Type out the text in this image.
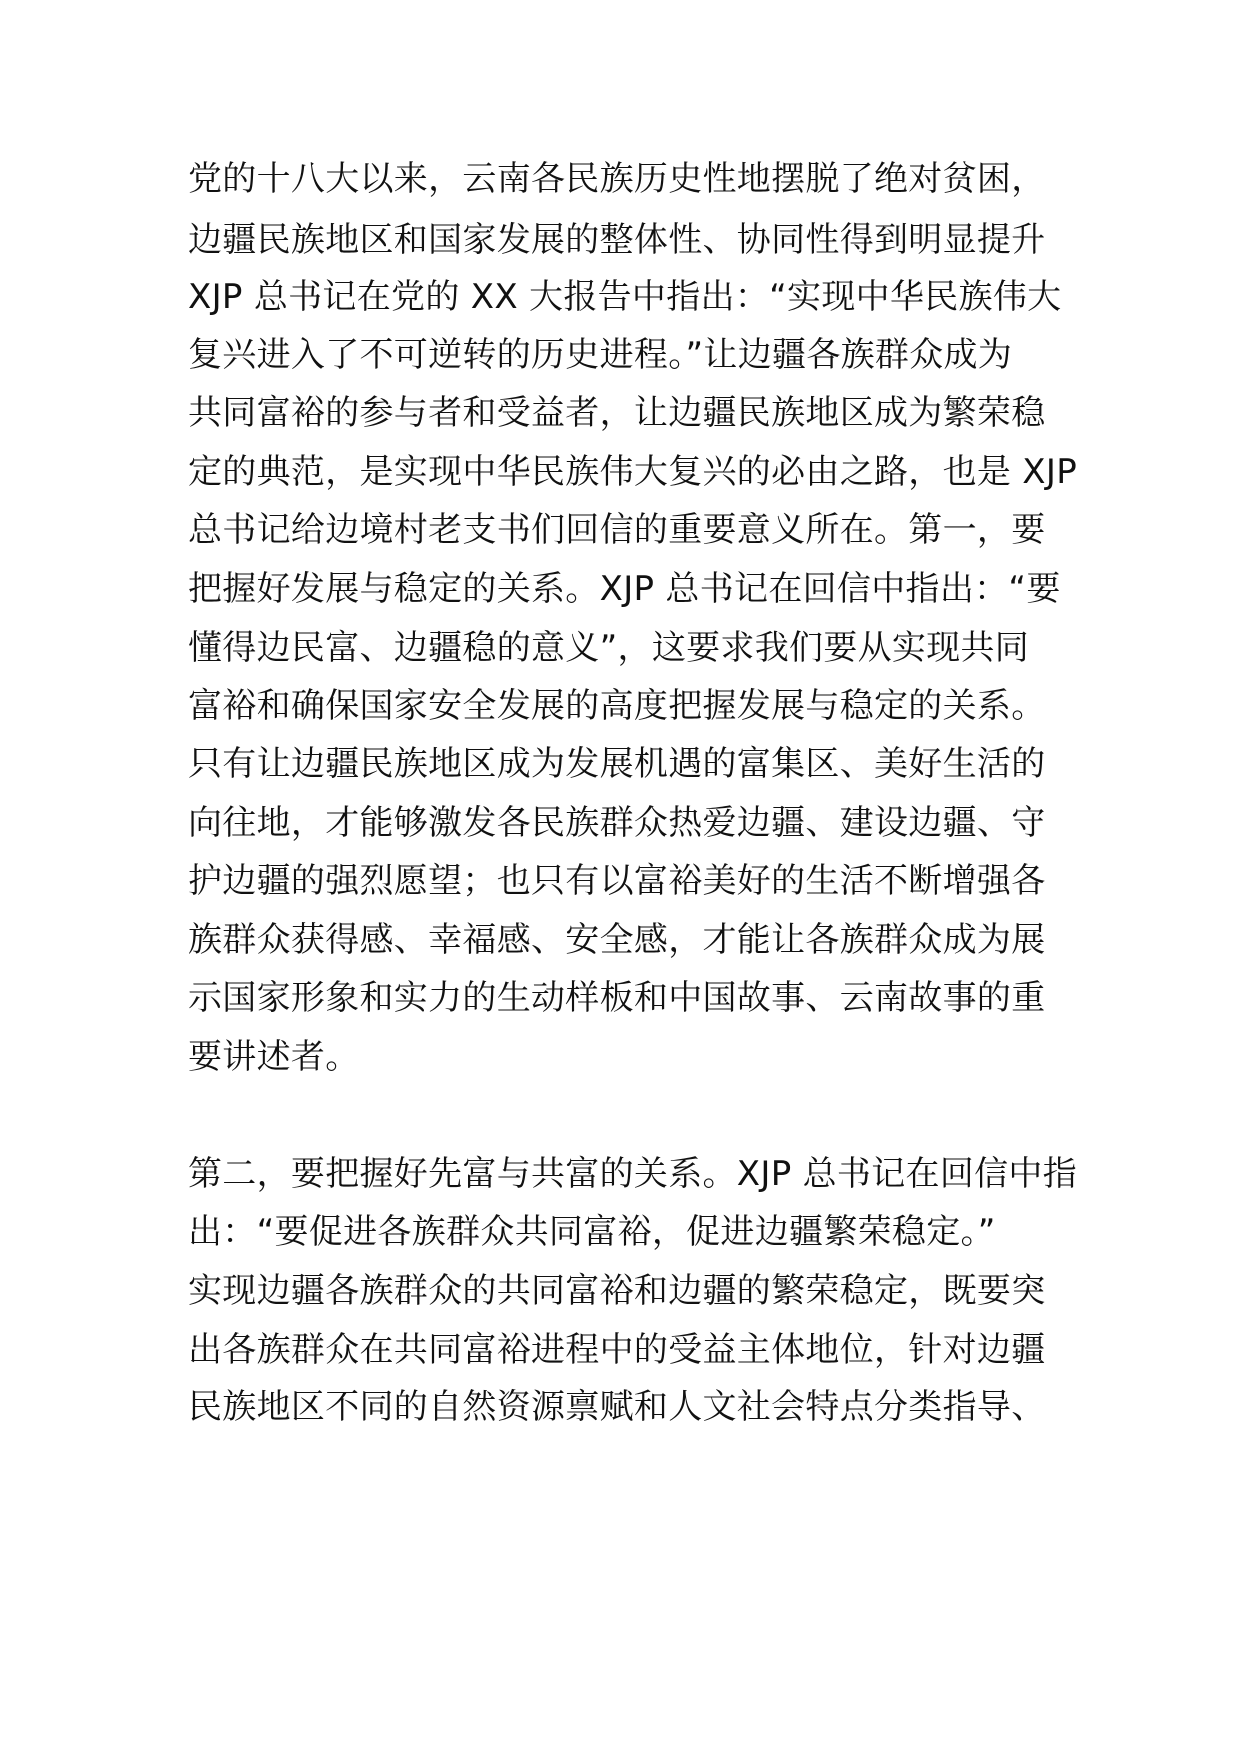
党的十八大以来，云南各民族历史性地摆脱了绝对贫困，
边疆民族地区和国家发展的整体性、协同性得到明显提升
XJP 总书记在党的 XX 大报告中指出：“实现中华民族伟大
复兴进入了不可逆转的历史进程。”让边疆各族群众成为
共同富裕的参与者和受益者，让边疆民族地区成为繁荣稳
定的典范，是实现中华民族伟大复兴的必由之路，也是 XJP
总书记给边境村老支书们回信的重要意义所在。第一，要
把握好发展与稳定的关系。XJP 总书记在回信中指出：“要
懂得边民富、边疆稳的意义”，这要求我们要从实现共同
富裕和确保国家安全发展的高度把握发展与稳定的关系。
只有让边疆民族地区成为发展机遇的富集区、美好生活的
向往地，才能够激发各民族群众热爱边疆、建设边疆、守
护边疆的强烈愿望；也只有以富裕美好的生活不断增强各
族群众获得感、幸福感、安全感，才能让各族群众成为展
示国家形象和实力的生动样板和中国故事、云南故事的重
要讲述者。
第二，要把握好先富与共富的关系。XJP 总书记在回信中指
出：“要促进各族群众共同富裕，促进边疆繁荣稳定。”
实现边疆各族群众的共同富裕和边疆的繁荣稳定，既要突
出各族群众在共同富裕进程中的受益主体地位，针对边疆
民族地区不同的自然资源禀赋和人文社会特点分类指导、
